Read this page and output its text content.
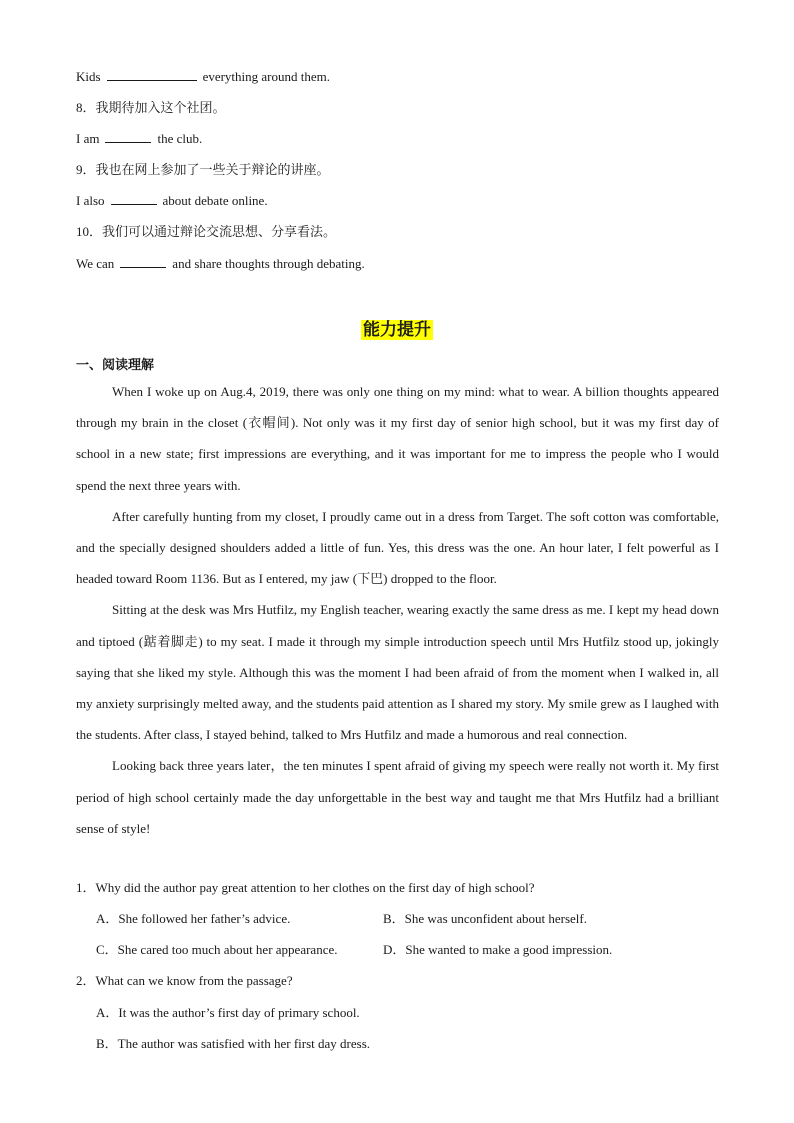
Kids	everything around them.
8．我期待加入这个社团。
I am	the club.
9．我也在网上参加了一些关于辩论的讲座。
I also	about debate online.
10．我们可以通过辩论交流思想、分享看法。
We can	and share thoughts through debating.
能力提升
一、阅读理解

When I woke up on Aug.4, 2019, there was only one thing on my mind: what to wear. A billion thoughts appeared through my brain in the closet (衣帽间). Not only was it my first day of senior high school, but it was my first day of school in a new state; first impressions are everything, and it was important for me to impress the people who I would spend the next three years with.

After carefully hunting from my closet, I proudly came out in a dress from Target. The soft cotton was comfortable, and the specially designed shoulders added a little of fun. Yes, this dress was the one. An hour later, I felt powerful as I headed toward Room 1136. But as I entered, my jaw (下巴) dropped to the floor.

Sitting at the desk was Mrs Hutfilz, my English teacher, wearing exactly the same dress as me. I kept my head down and tiptoed (踮着脚走) to my seat. I made it through my simple introduction speech until Mrs Hutfilz stood up, jokingly saying that she liked my style. Although this was the moment I had been afraid of from the moment when I walked in, all my anxiety surprisingly melted away, and the students paid attention as I shared my story. My smile grew as I laughed with the students. After class, I stayed behind, talked to Mrs Hutfilz and made a humorous and real connection.

Looking back three years later，the ten minutes I spent afraid of giving my speech were really not worth it. My first period of high school certainly made the day unforgettable in the best way and taught me that Mrs Hutfilz had a brilliant sense of style!

1．Why did the author pay great attention to her clothes on the first day of high school?
A．She followed her father’s advice.	B．She was unconfident about herself.
C．She cared too much about her appearance.	D．She wanted to make a good impression.
2．What can we know from the passage?
A．It was the author’s first day of primary school.
B．The author was satisfied with her first day dress.
